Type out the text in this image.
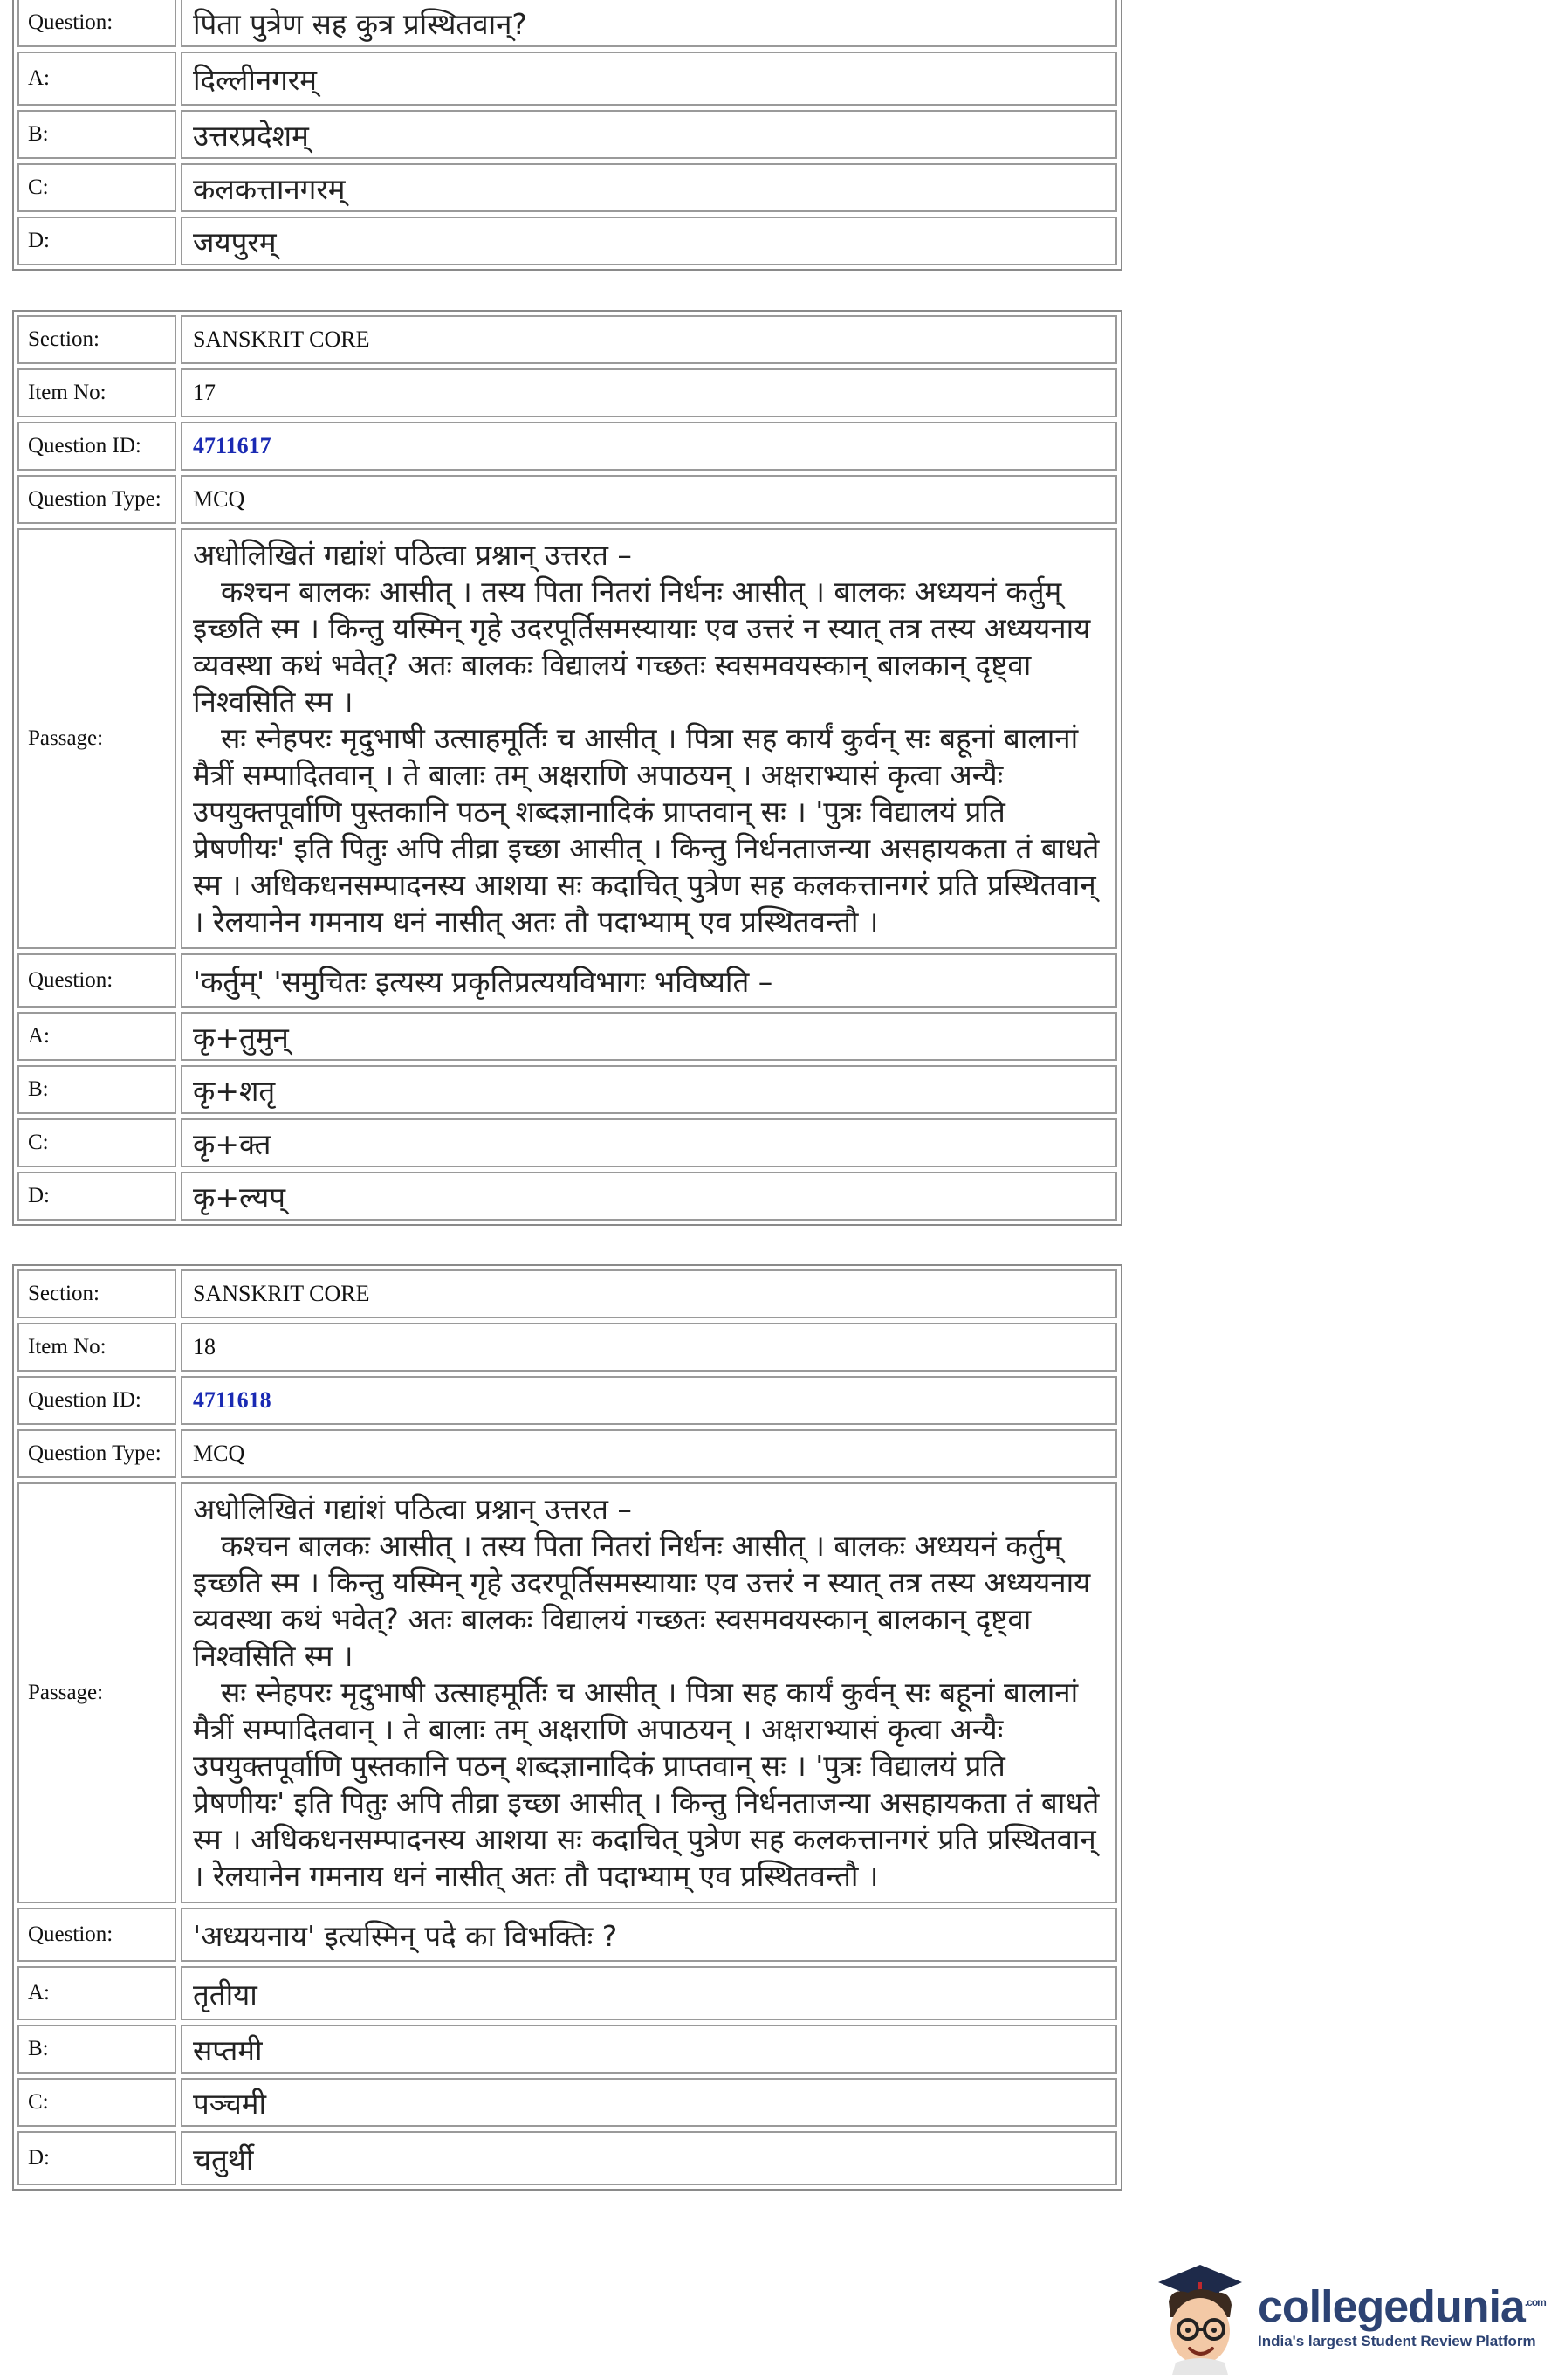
Question:	पिता पुत्रेण सह कुत्र प्रस्थितवान्?
A:	दिल्लीनगरम्
B:	उत्तरप्रदेशम्
C:	कलकत्तानगरम्
D:	जयपुरम्
Section:	SANSKRIT CORE
Item No:	17
Question ID:	4711617
Question Type:	MCQ
Passage:

अधोलिखितं गद्यांशं पठित्वा प्रश्नान् उत्तरत –

कश्चन बालकः आसीत् । तस्य पिता नितरां निर्धनः आसीत् । बालकः अध्ययनं कर्तुम् इच्छति स्म । किन्तु यस्मिन् गृहे उदरपूर्तिसमस्यायाः एव उत्तरं न स्यात् तत्र तस्य अध्ययनाय व्यवस्था कथं भवेत्? अतः बालकः विद्यालयं गच्छतः स्वसमवयस्कान् बालकान् दृष्ट्वा निश्वसिति स्म ।

सः स्नेहपरः मृदुभाषी उत्साहमूर्तिः च आसीत् । पित्रा सह कार्यं कुर्वन् सः बहूनां बालानां मैत्रीं सम्पादितवान् । ते बालाः तम् अक्षराणि अपाठयन् । अक्षराभ्यासं कृत्वा अन्यैः उपयुक्तपूर्वाणि पुस्तकानि पठन् शब्दज्ञानादिकं प्राप्तवान् सः । 'पुत्रः विद्यालयं प्रति प्रेषणीयः' इति पितुः अपि तीव्रा इच्छा आसीत् । किन्तु निर्धनताजन्या असहायकता तं बाधते स्म । अधिकधनसम्पादनस्य आशया सः कदाचित् पुत्रेण सह कलकत्तानगरं प्रति प्रस्थितवान् । रेलयानेन गमनाय धनं नासीत् अतः तौ पदाभ्याम् एव प्रस्थितवन्तौ ।

Question:	'कर्तुम्' 'समुचितः इत्यस्य प्रकृतिप्रत्ययविभागः भविष्यति –
A:	कृ+तुमुन्
B:	कृ+शतृ
C:	कृ+क्त
D:	कृ+ल्यप्
Section:	SANSKRIT CORE
Item No:	18
Question ID:	4711618
Question Type:	MCQ
Passage:

अधोलिखितं गद्यांशं पठित्वा प्रश्नान् उत्तरत –

कश्चन बालकः आसीत् । तस्य पिता नितरां निर्धनः आसीत् । बालकः अध्ययनं कर्तुम् इच्छति स्म । किन्तु यस्मिन् गृहे उदरपूर्तिसमस्यायाः एव उत्तरं न स्यात् तत्र तस्य अध्ययनाय व्यवस्था कथं भवेत्? अतः बालकः विद्यालयं गच्छतः स्वसमवयस्कान् बालकान् दृष्ट्वा निश्वसिति स्म ।

सः स्नेहपरः मृदुभाषी उत्साहमूर्तिः च आसीत् । पित्रा सह कार्यं कुर्वन् सः बहूनां बालानां मैत्रीं सम्पादितवान् । ते बालाः तम् अक्षराणि अपाठयन् । अक्षराभ्यासं कृत्वा अन्यैः उपयुक्तपूर्वाणि पुस्तकानि पठन् शब्दज्ञानादिकं प्राप्तवान् सः । 'पुत्रः विद्यालयं प्रति प्रेषणीयः' इति पितुः अपि तीव्रा इच्छा आसीत् । किन्तु निर्धनताजन्या असहायकता तं बाधते स्म । अधिकधनसम्पादनस्य आशया सः कदाचित् पुत्रेण सह कलकत्तानगरं प्रति प्रस्थितवान् । रेलयानेन गमनाय धनं नासीत् अतः तौ पदाभ्याम् एव प्रस्थितवन्तौ ।

Question:	'अध्ययनाय' इत्यस्मिन् पदे का विभक्तिः ?
A:	तृतीया
B:	सप्तमी
C:	पञ्चमी
D:	चतुर्थी
collegedunia$^{.com}$
India's largest Student Review Platform
